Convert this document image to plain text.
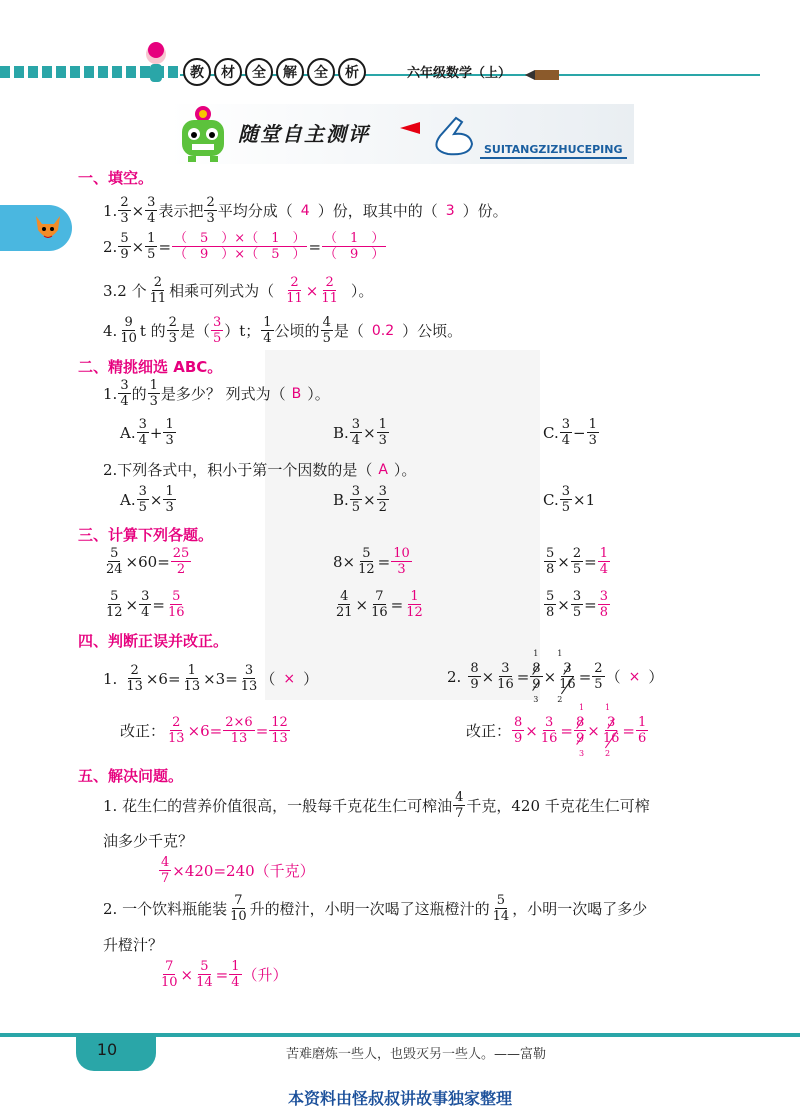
教	材	全	解	全	析	六年级数学（上）
随堂自主测评
SUITANGZIZHUCEPING
一、填空。
1. $\frac{2}{3} \times \frac{3}{4}$ 表示把 $\frac{2}{3}$ 平均分成（ 4 ）份，取其中的（ 3 ）份。
2. $\frac{5}{9} \times \frac{1}{5} = \frac{( 5 )\times( 1 )}{( 9 )\times( 5 )} = \frac{( 1 )}{( 9 )}$
3.2 个 $\frac{2}{11}$ 相乘可列式为（ $\frac{2}{11} \times \frac{2}{11}$ ）。
4. $\frac{9}{10}$ t 的 $\frac{2}{3}$ 是（ $\frac{3}{5} )t$； $\frac{1}{4}$ 公顷的 $\frac{4}{5}$ 是（ 0.2 ）公顷。
二、精挑细选 ABC。
1. $\frac{3}{4}$ 的 $\frac{1}{3}$ 是多少？ 列式为（ B ）。
A. $\frac{3}{4} + \frac{1}{3}$	B. $\frac{3}{4} \times \frac{1}{3}$	C. $\frac{3}{4} - \frac{1}{3}$
2.下列各式中，积小于第一个因数的是（ A ）。
A. $\frac{3}{5} \times \frac{1}{3}$	B. $\frac{3}{5} \times \frac{3}{2}$	C. $\frac{3}{5} \times 1$
三、计算下列各题。
$\frac{5}{24} \times 60= \frac{25}{2}$	$8\times \frac{5}{12} = \frac{10}{3}$	$\frac{5}{8} \times \frac{2}{5} = \frac{1}{4}$
$\frac{5}{12} \times \frac{3}{4} = \frac{5}{16}$	$\frac{4}{21} \times \frac{7}{16} = \frac{1}{12}$	$\frac{5}{8} \times \frac{3}{5} = \frac{3}{8}$
四、判断正误并改正。
1. $\frac{2}{13} \times 6= \frac{1}{13} \times 3= \frac{3}{13}$ （ × ）
改正： $\frac{2}{13} \times 6= \frac{2\times 6}{13} = \frac{12}{13}$
2. $\frac{8}{9} \times \frac{3}{16}$ =
1
3
$\frac{8}{9}$ ×
1
2
$\frac{3}{16} = \frac{2}{5}$ （ × ）
改正： $\frac{8}{9} \times \frac{3}{16}$ =
1
3
$\frac{8}{9}$ ×
1
2
$\frac{3}{16} = \frac{1}{6}$
五、解决问题。
1. 花生仁的营养价值很高，一般每千克花生仁可榨油 $\frac{4}{7}$ 千克，420 千克花生仁可榨
油多少千克？
$\frac{4}{7} \times 420=240$（千克）
2. 一个饮料瓶能装 $\frac{7}{10}$ 升的橙汁，小明一次喝了这瓶橙汁的 $\frac{5}{14}$ ，小明一次喝了多少
升橙汁？
$\frac{7}{10} \times \frac{5}{14} = \frac{1}{4}$ （升）
10	苦难磨炼一些人，也毁灭另一些人。——富勒
本资料由怪叔叔讲故事独家整理
